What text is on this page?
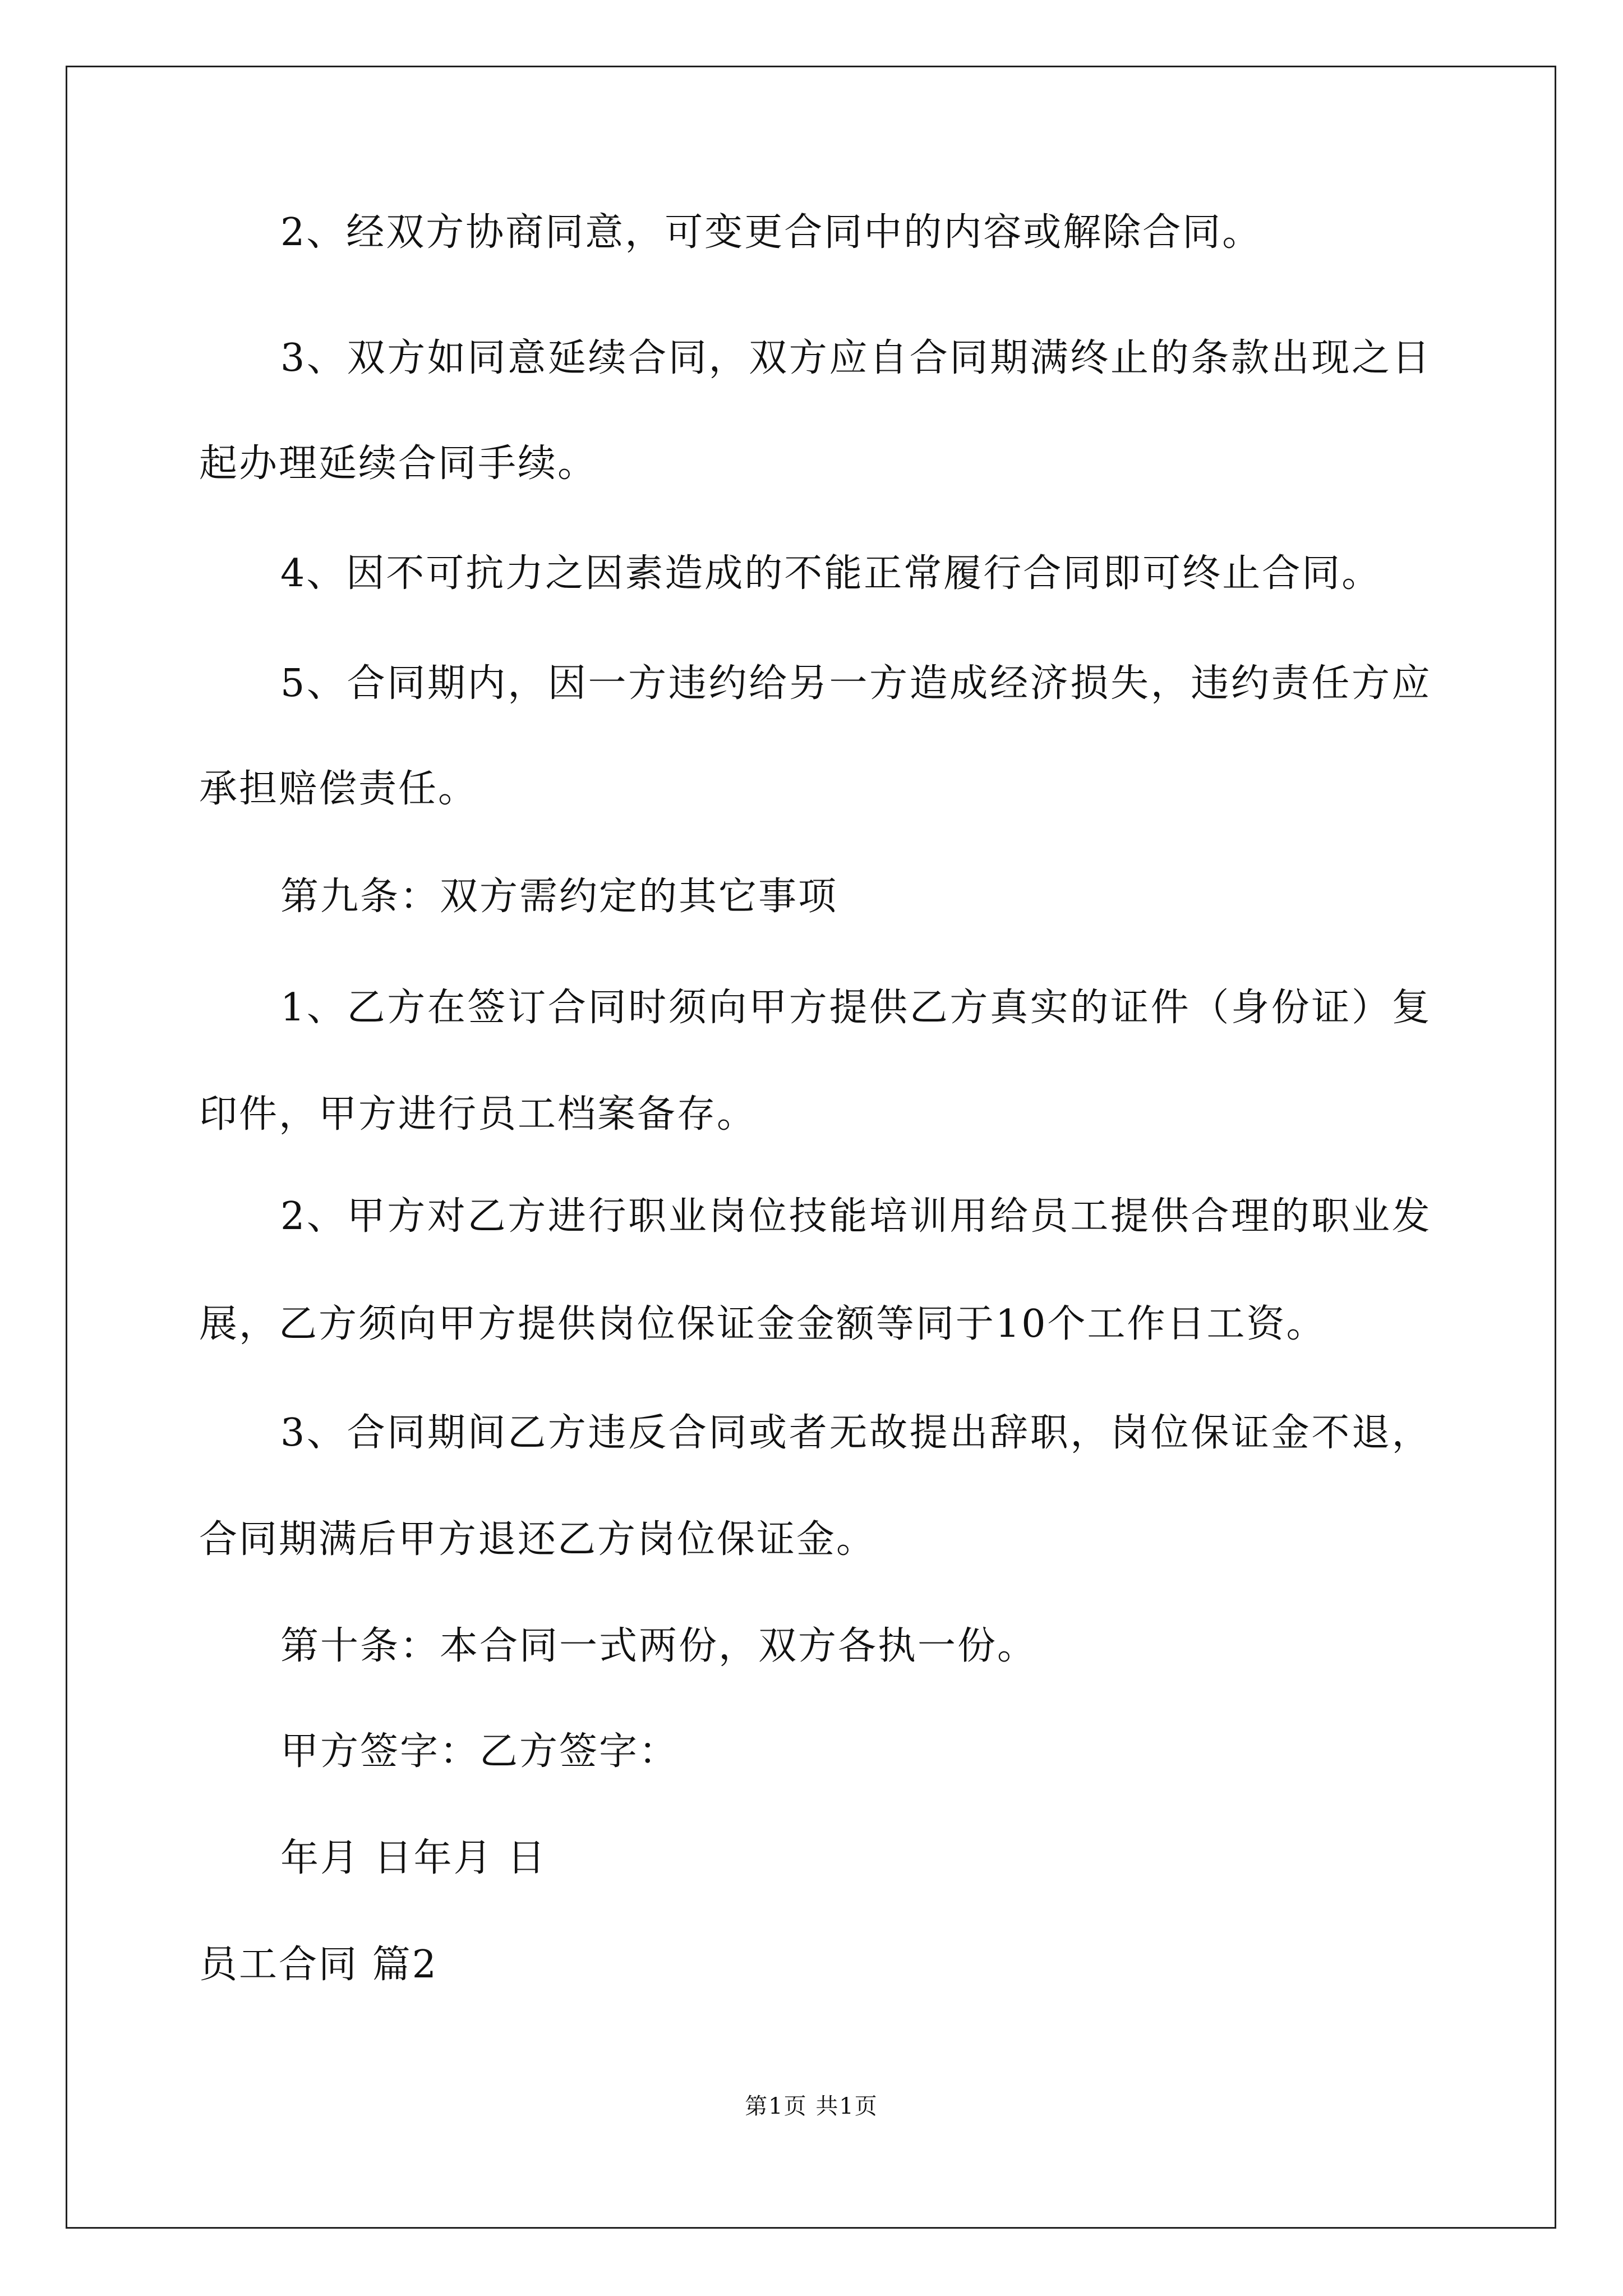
2、经双方协商同意，可变更合同中的内容或解除合同。
3 、 双 方 如 同 意 延 续 合 同 ， 双 方 应 自 合 同 期 满 终 止 的 条 款 出 现 之 日
起办理延续合同手续。
4、因不可抗力之因素造成的不能正常履行合同即可终止合同。
5 、 合 同 期 内 ， 因 一 方 违 约 给 另 一 方 造 成 经 济 损 失 ， 违 约 责 任 方 应
承担赔偿责任。
第九条：双方需约定的其它事项
1 、 乙 方 在 签 订 合 同 时 须 向 甲 方 提 供 乙 方 真 实 的 证 件 （ 身 份 证 ） 复
印件，甲方进行员工档案备存。
2 、 甲 方 对 乙 方 进 行 职 业 岗 位 技 能 培 训 用 给 员 工 提 供 合 理 的 职 业 发
展，乙方须向甲方提供岗位保证金金额等同于10个工作日工资。
3 、 合 同 期 间 乙 方 违 反 合 同 或 者 无 故 提 出 辞 职 ， 岗 位 保 证 金 不 退 ，
合同期满后甲方退还乙方岗位保证金。
第十条：本合同一式两份，双方各执一份。
甲方签字：乙方签字：
年月 日年月 日
员工合同 篇2
第1页 共1页
